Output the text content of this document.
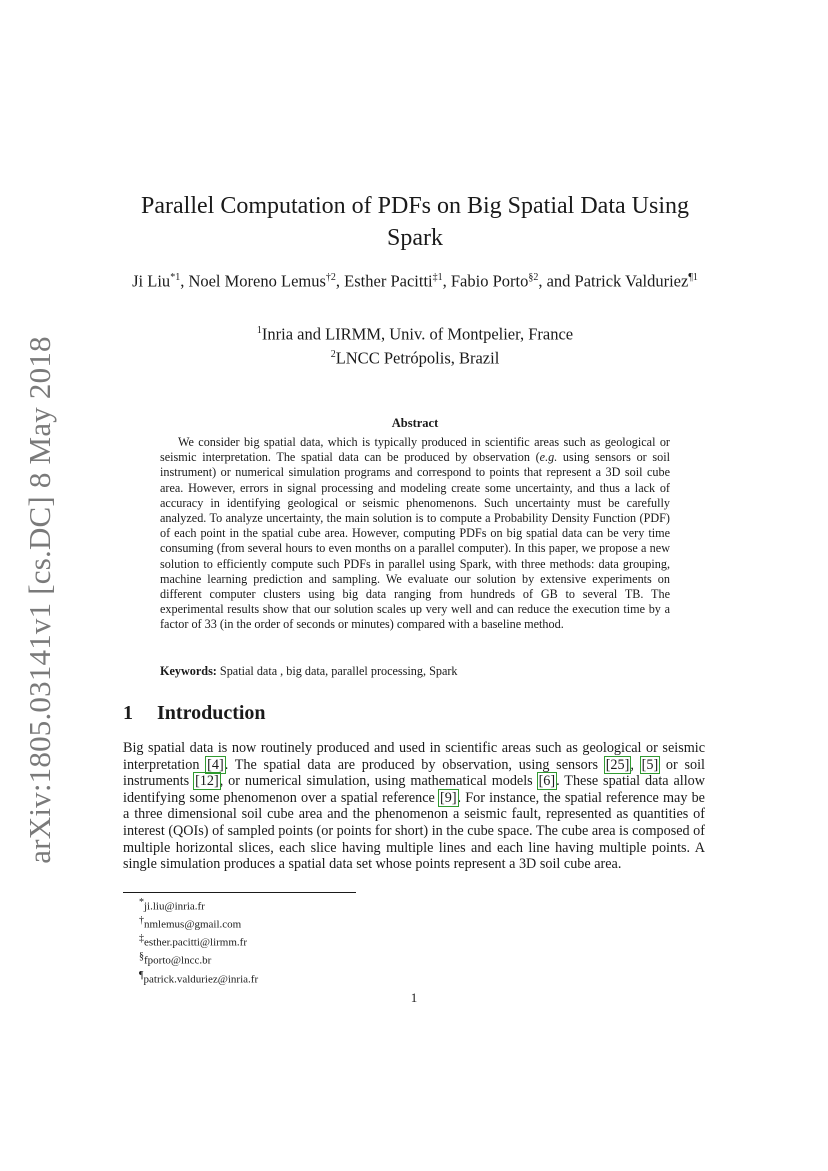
arXiv:1805.03141v1 [cs.DC] 8 May 2018
Parallel Computation of PDFs on Big Spatial Data Using
Spark
Ji Liu$^{*1}$, Noel Moreno Lemus$^{\dagger 2}$, Esther Pacitti$^{\ddagger 1}$, Fabio Porto$^{\S 2}$, and Patrick Valduriez$^{\P 1}$
$^1$Inria and LIRMM, Univ. of Montpelier, France
$^2$LNCC Petrópolis, Brazil
Abstract
We consider big spatial data, which is typically produced in scientific areas such as geological or seismic interpretation. The spatial data can be produced by observation (e.g. using sensors or soil instrument) or numerical simulation programs and correspond to points that represent a 3D soil cube area. However, errors in signal processing and modeling create some uncertainty, and thus a lack of accuracy in identifying geological or seismic phenomenons. Such uncertainty must be carefully analyzed. To analyze uncertainty, the main solution is to compute a Probability Density Function (PDF) of each point in the spatial cube area. However, computing PDFs on big spatial data can be very time consuming (from several hours to even months on a parallel computer). In this paper, we propose a new solution to efficiently compute such PDFs in parallel using Spark, with three methods: data grouping, machine learning prediction and sampling. We evaluate our solution by extensive experiments on different computer clusters using big data ranging from hundreds of GB to several TB. The experimental results show that our solution scales up very well and can reduce the execution time by a factor of 33 (in the order of seconds or minutes) compared with a baseline method.
Keywords: Spatial data , big data, parallel processing, Spark
1 Introduction
Big spatial data is now routinely produced and used in scientific areas such as geological or seismic interpretation [4]. The spatial data are produced by observation, using sensors [25], [5] or soil instruments [12], or numerical simulation, using mathematical models [6]. These spatial data allow identifying some phenomenon over a spatial reference [9]. For instance, the spatial reference may be a three dimensional soil cube area and the phenomenon a seismic fault, represented as quantities of interest (QOIs) of sampled points (or points for short) in the cube space. The cube area is composed of multiple horizontal slices, each slice having multiple lines and each line having multiple points. A single simulation produces a spatial data set whose points represent a 3D soil cube area.
*ji.liu@inria.fr
†nmlemus@gmail.com
‡esther.pacitti@lirmm.fr
§fporto@lncc.br
¶patrick.valduriez@inria.fr
1
